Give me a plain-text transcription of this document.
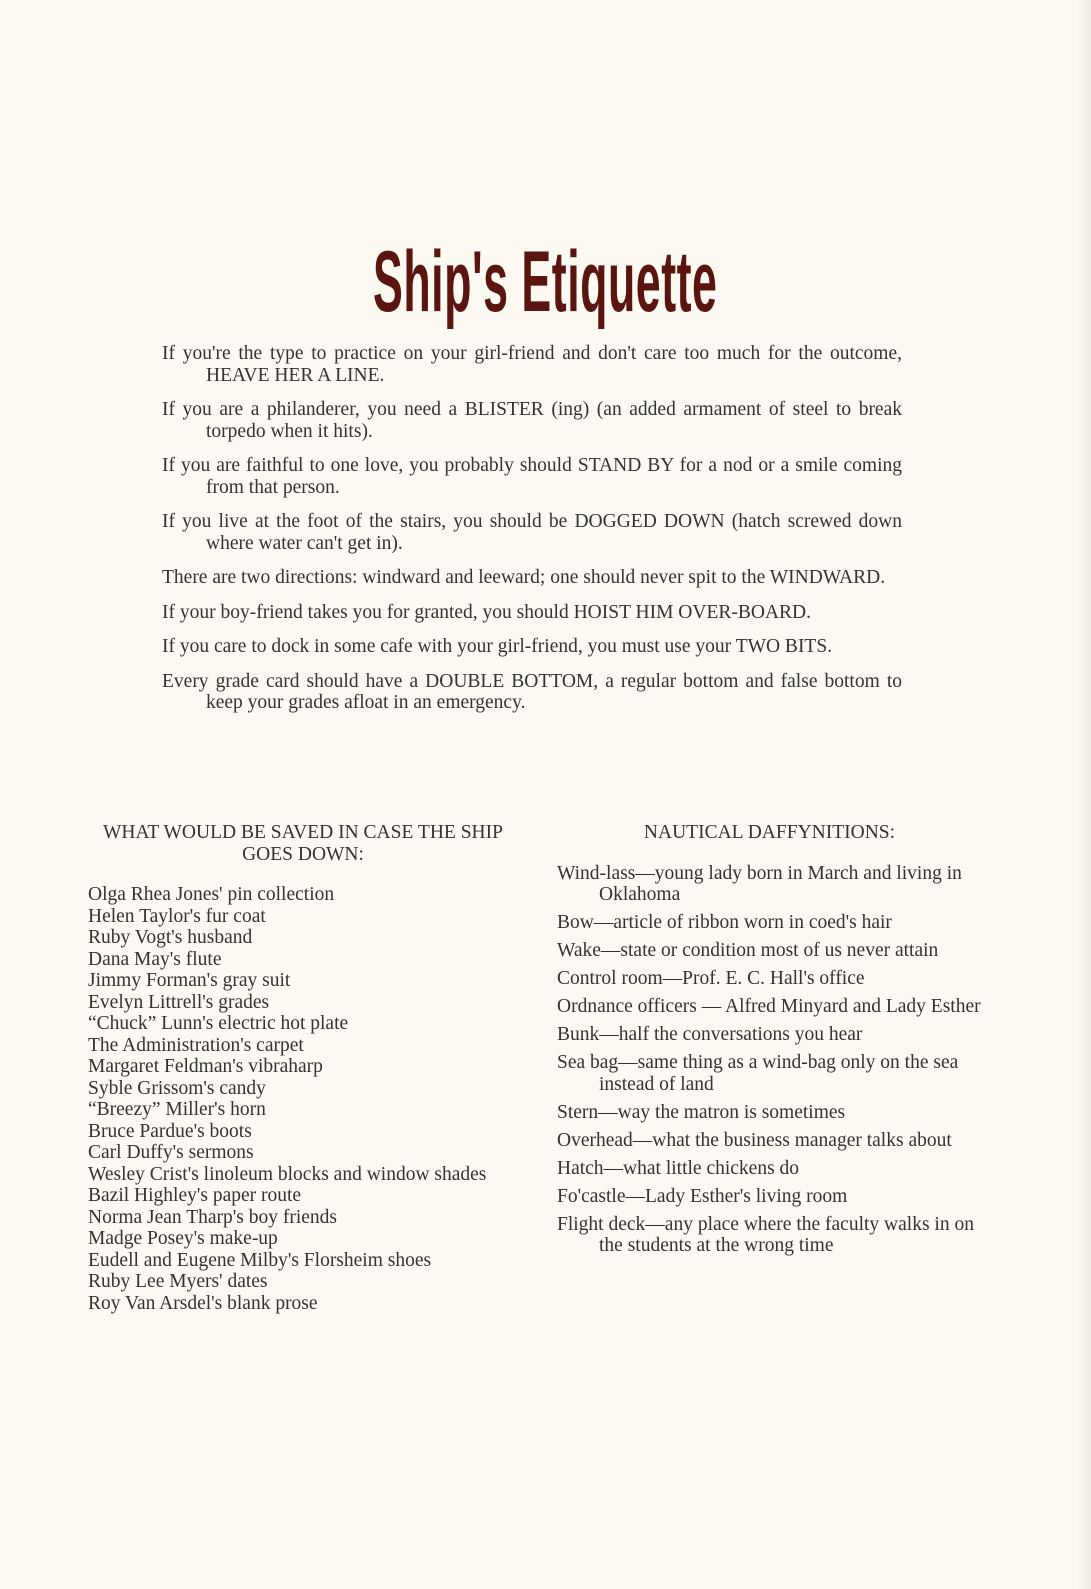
Ship's Etiquette

If you're the type to practice on your girl-friend and don't care too much for the outcome, HEAVE HER A LINE.

If you are a philanderer, you need a BLISTER (ing) (an added armament of steel to break torpedo when it hits).

If you are faithful to one love, you probably should STAND BY for a nod or a smile coming from that person.

If you live at the foot of the stairs, you should be DOGGED DOWN (hatch screwed down where water can't get in).

There are two directions: windward and leeward; one should never spit to the WINDWARD.

If your boy-friend takes you for granted, you should HOIST HIM OVER-BOARD.

If you care to dock in some cafe with your girl-friend, you must use your TWO BITS.

Every grade card should have a DOUBLE BOTTOM, a regular bottom and false bottom to keep your grades afloat in an emergency.

WHAT WOULD BE SAVED IN CASE THE SHIP GOES DOWN:
Olga Rhea Jones' pin collection
Helen Taylor's fur coat
Ruby Vogt's husband
Dana May's flute
Jimmy Forman's gray suit
Evelyn Littrell's grades
“Chuck” Lunn's electric hot plate
The Administration's carpet
Margaret Feldman's vibraharp
Syble Grissom's candy
“Breezy” Miller's horn
Bruce Pardue's boots
Carl Duffy's sermons
Wesley Crist's linoleum blocks and window shades
Bazil Highley's paper route
Norma Jean Tharp's boy friends
Madge Posey's make-up
Eudell and Eugene Milby's Florsheim shoes
Ruby Lee Myers' dates
Roy Van Arsdel's blank prose
NAUTICAL DAFFYNITIONS:
Wind-lass—young lady born in March and living in Oklahoma
Bow—article of ribbon worn in coed's hair
Wake—state or condition most of us never attain
Control room—Prof. E. C. Hall's office
Ordnance officers — Alfred Minyard and Lady Esther
Bunk—half the conversations you hear
Sea bag—same thing as a wind-bag only on the sea instead of land
Stern—way the matron is sometimes
Overhead—what the business manager talks about
Hatch—what little chickens do
Fo'castle—Lady Esther's living room
Flight deck—any place where the faculty walks in on the students at the wrong time
